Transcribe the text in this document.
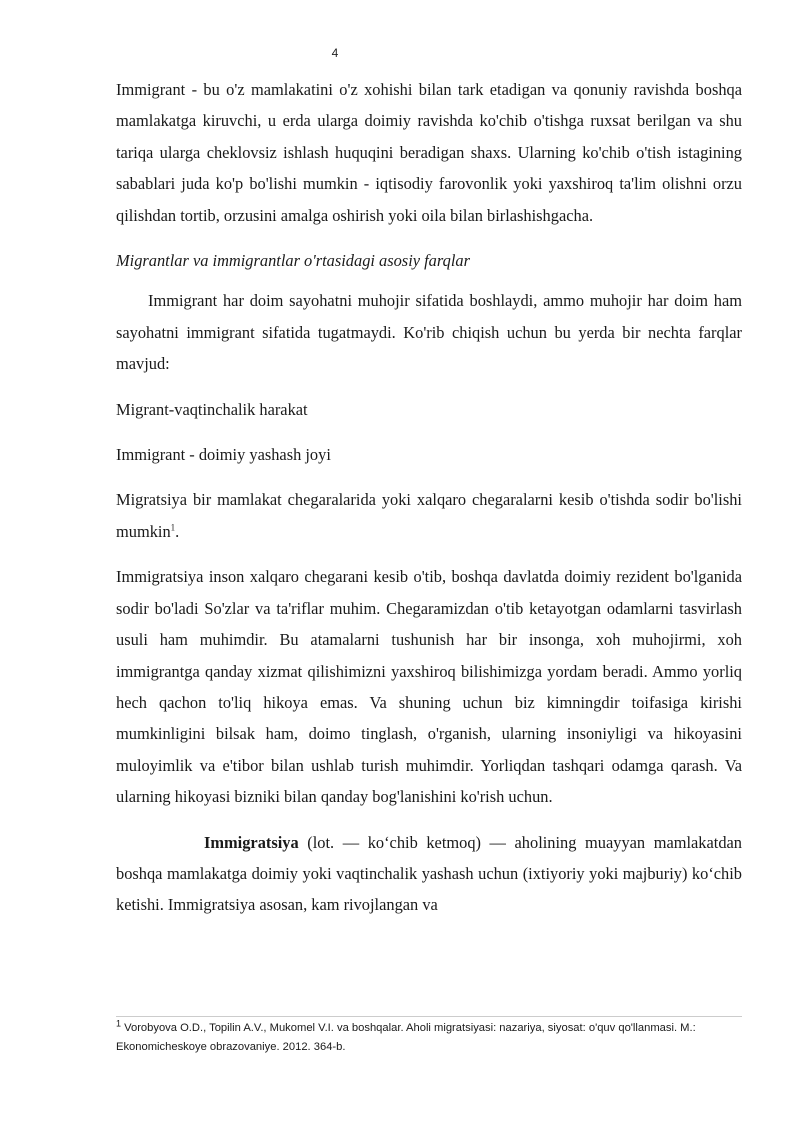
4

Immigrant - bu o'z mamlakatini o'z xohishi bilan tark etadigan va qonuniy ravishda boshqa mamlakatga kiruvchi, u erda ularga doimiy ravishda ko'chib o'tishga ruxsat berilgan va shu tariqa ularga cheklovsiz ishlash huquqini beradigan shaxs. Ularning ko'chib o'tish istagining sabablari juda ko'p bo'lishi mumkin - iqtisodiy farovonlik yoki yaxshiroq ta'lim olishni orzu qilishdan tortib, orzusini amalga oshirish yoki oila bilan birlashishgacha.

Migrantlar va immigrantlar o'rtasidagi asosiy farqlar

Immigrant har doim sayohatni muhojir sifatida boshlaydi, ammo muhojir har doim ham sayohatni immigrant sifatida tugatmaydi. Ko'rib chiqish uchun bu yerda bir nechta farqlar mavjud:

Migrant-vaqtinchalik harakat

Immigrant - doimiy yashash joyi

Migratsiya bir mamlakat chegaralarida yoki xalqaro chegaralarni kesib o'tishda sodir bo'lishi mumkin$^1$.

Immigratsiya inson xalqaro chegarani kesib o'tib, boshqa davlatda doimiy rezident bo'lganida sodir bo'ladi So'zlar va ta'riflar muhim. Chegaramizdan o'tib ketayotgan odamlarni tasvirlash usuli ham muhimdir. Bu atamalarni tushunish har bir insonga, xoh muhojirmi, xoh immigrantga qanday xizmat qilishimizni yaxshiroq bilishimizga yordam beradi. Ammo yorliq hech qachon to'liq hikoya emas. Va shuning uchun biz kimningdir toifasiga kirishi mumkinligini bilsak ham, doimo tinglash, o'rganish, ularning insoniyligi va hikoyasini muloyimlik va e'tibor bilan ushlab turish muhimdir. Yorliqdan tashqari odamga qarash. Va ularning hikoyasi bizniki bilan qanday bog'lanishini ko'rish uchun.

Immigratsiya (lot. — ko‘chib ketmoq) — aholining muayyan mamlakatdan boshqa mamlakatga doimiy yoki vaqtinchalik yashash uchun (ixtiyoriy yoki majburiy) ko‘chib ketishi. Immigratsiya asosan, kam rivojlangan va

$^1$ Vorobyova O.D., Topilin A.V., Mukomel V.I. va boshqalar. Aholi migratsiyasi: nazariya, siyosat: o'quv qo'llanmasi. M.: Ekonomicheskoye obrazovaniye. 2012. 364-b.
